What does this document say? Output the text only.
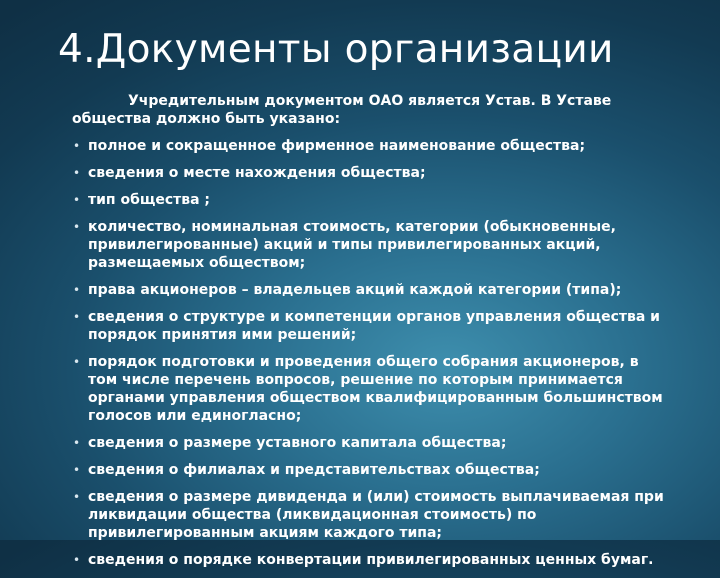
4.Документы организации

Учредительным документом ОАО является Устав. В Уставе общества должно быть указано:

• полное и сокращенное фирменное наименование общества;
• сведения о месте нахождения общества;
• тип общества ;
• количество, номинальная стоимость, категории (обыкновенные, привилегированные) акций и типы привилегированных акций, размещаемых обществом;
• права акционеров – владельцев акций каждой категории (типа);
• сведения о структуре и компетенции органов управления общества и порядок принятия ими решений;
• порядок подготовки и проведения общего собрания акционеров, в том числе перечень вопросов, решение по которым принимается органами управления обществом квалифицированным большинством голосов или единогласно;
• сведения о размере уставного капитала общества;
• сведения о филиалах и представительствах общества;
• сведения о размере дивиденда и (или) стоимость выплачиваемая при ликвидации общества (ликвидационная стоимость) по привилегированным акциям каждого типа;
• сведения о порядке конвертации привилегированных ценных бумаг.
